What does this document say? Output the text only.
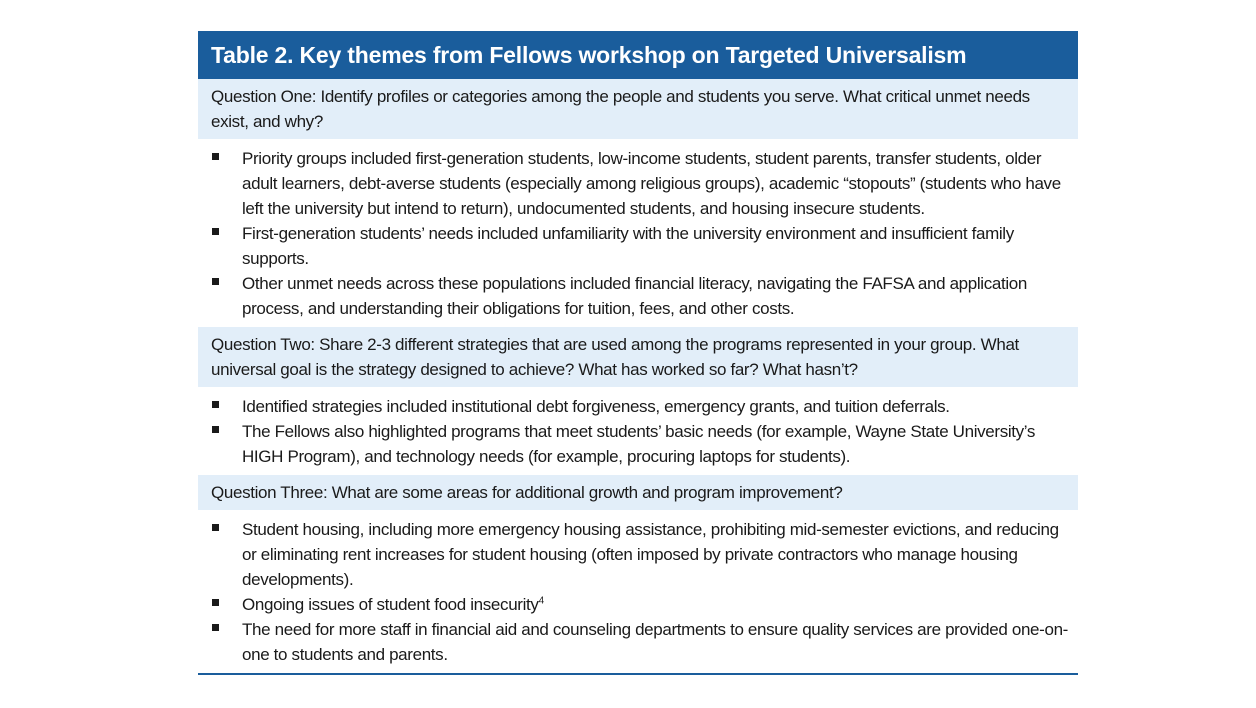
Table 2. Key themes from Fellows workshop on Targeted Universalism
Question One: Identify profiles or categories among the people and students you serve. What critical unmet needs exist, and why?
Priority groups included first-generation students, low-income students, student parents, transfer students, older adult learners, debt-averse students (especially among religious groups), academic “stopouts” (students who have left the university but intend to return), undocumented students, and housing insecure students.
First-generation students’ needs included unfamiliarity with the university environment and insufficient family supports.
Other unmet needs across these populations included financial literacy, navigating the FAFSA and application process, and understanding their obligations for tuition, fees, and other costs.
Question Two: Share 2-3 different strategies that are used among the programs represented in your group. What universal goal is the strategy designed to achieve? What has worked so far? What hasn’t?
Identified strategies included institutional debt forgiveness, emergency grants, and tuition deferrals.
The Fellows also highlighted programs that meet students’ basic needs (for example, Wayne State University’s HIGH Program), and technology needs (for example, procuring laptops for students).
Question Three: What are some areas for additional growth and program improvement?
Student housing, including more emergency housing assistance, prohibiting mid-semester evictions, and reducing or eliminating rent increases for student housing (often imposed by private contractors who manage housing developments).
Ongoing issues of student food insecurity$^4$
The need for more staff in financial aid and counseling departments to ensure quality services are provided one-on-one to students and parents.
